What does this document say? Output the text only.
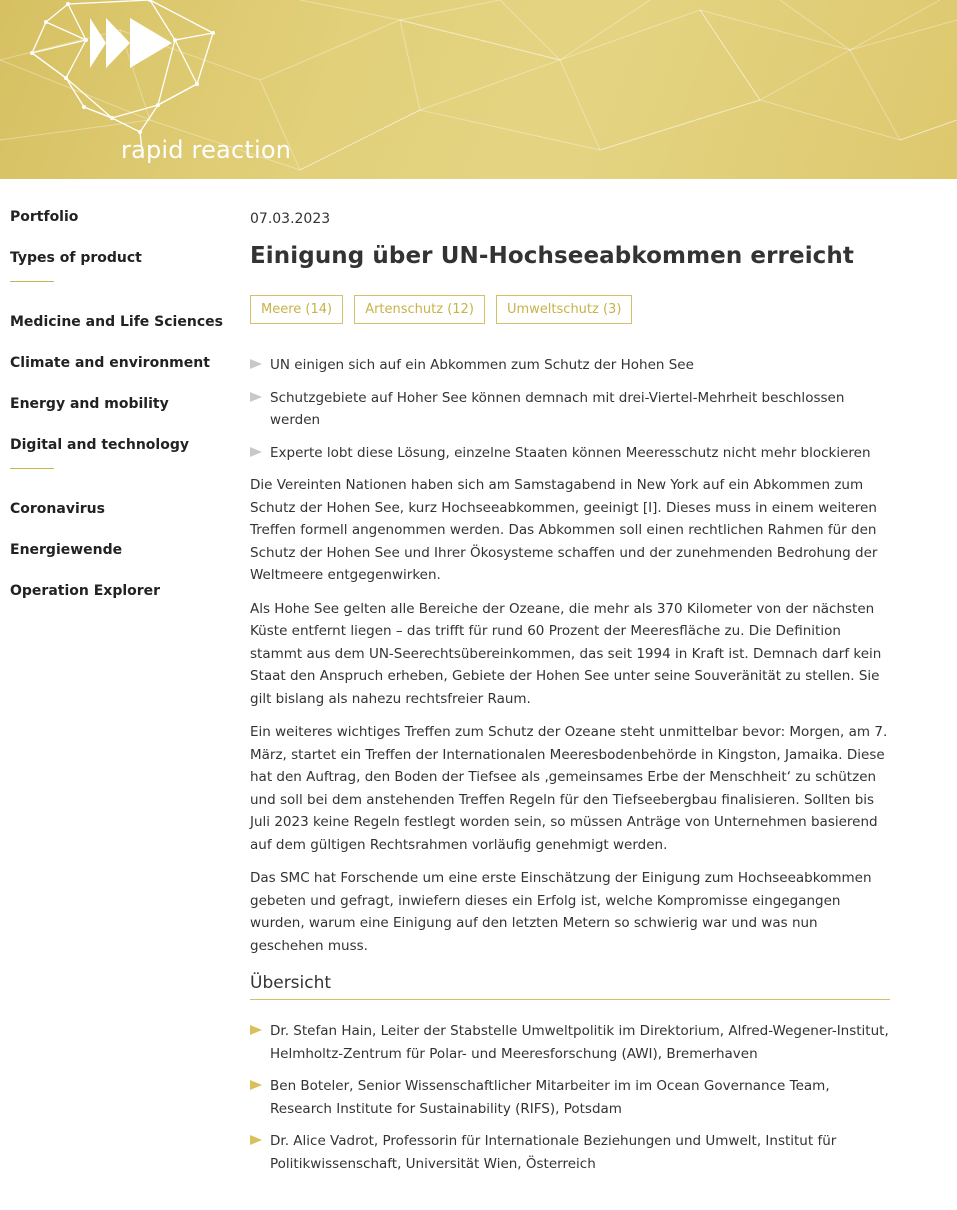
rapid reaction
Portfolio
Types of product
Medicine and Life Sciences
Climate and environment
Energy and mobility
Digital and technology
Coronavirus
Energiewende
Operation Explorer
07.03.2023
Einigung über UN-Hochseeabkommen erreicht
Meere (14)	Artenschutz (12)	Umweltschutz (3)
UN einigen sich auf ein Abkommen zum Schutz der Hohen See
Schutzgebiete auf Hoher See können demnach mit drei-Viertel-Mehrheit beschlossen werden
Experte lobt diese Lösung, einzelne Staaten können Meeresschutz nicht mehr blockieren

Die Vereinten Nationen haben sich am Samstagabend in New York auf ein Abkommen zum Schutz der Hohen See, kurz Hochseeabkommen, geeinigt [I]. Dieses muss in einem weiteren Treffen formell angenommen werden. Das Abkommen soll einen rechtlichen Rahmen für den Schutz der Hohen See und Ihrer Ökosysteme schaffen und der zunehmenden Bedrohung der Weltmeere entgegenwirken.

Als Hohe See gelten alle Bereiche der Ozeane, die mehr als 370 Kilometer von der nächsten Küste entfernt liegen – das trifft für rund 60 Prozent der Meeresfläche zu. Die Definition stammt aus dem UN-Seerechtsübereinkommen, das seit 1994 in Kraft ist. Demnach darf kein Staat den Anspruch erheben, Gebiete der Hohen See unter seine Souveränität zu stellen. Sie gilt bislang als nahezu rechtsfreier Raum.

Ein weiteres wichtiges Treffen zum Schutz der Ozeane steht unmittelbar bevor: Morgen, am 7. März, startet ein Treffen der Internationalen Meeresbodenbehörde in Kingston, Jamaika. Diese hat den Auftrag, den Boden der Tiefsee als ‚gemeinsames Erbe der Menschheit‘ zu schützen und soll bei dem anstehenden Treffen Regeln für den Tiefseebergbau finalisieren. Sollten bis Juli 2023 keine Regeln festlegt worden sein, so müssen Anträge von Unternehmen basierend auf dem gültigen Rechtsrahmen vorläufig genehmigt werden.

Das SMC hat Forschende um eine erste Einschätzung der Einigung zum Hochseeabkommen gebeten und gefragt, inwiefern dieses ein Erfolg ist, welche Kompromisse eingegangen wurden, warum eine Einigung auf den letzten Metern so schwierig war und was nun geschehen muss.

Übersicht
Dr. Stefan Hain, Leiter der Stabstelle Umweltpolitik im Direktorium, Alfred-Wegener-Institut, Helmholtz-Zentrum für Polar- und Meeresforschung (AWI), Bremerhaven
Ben Boteler, Senior Wissenschaftlicher Mitarbeiter im im Ocean Governance Team, Research Institute for Sustainability (RIFS), Potsdam
Dr. Alice Vadrot, Professorin für Internationale Beziehungen und Umwelt, Institut für Politikwissenschaft, Universität Wien, Österreich
